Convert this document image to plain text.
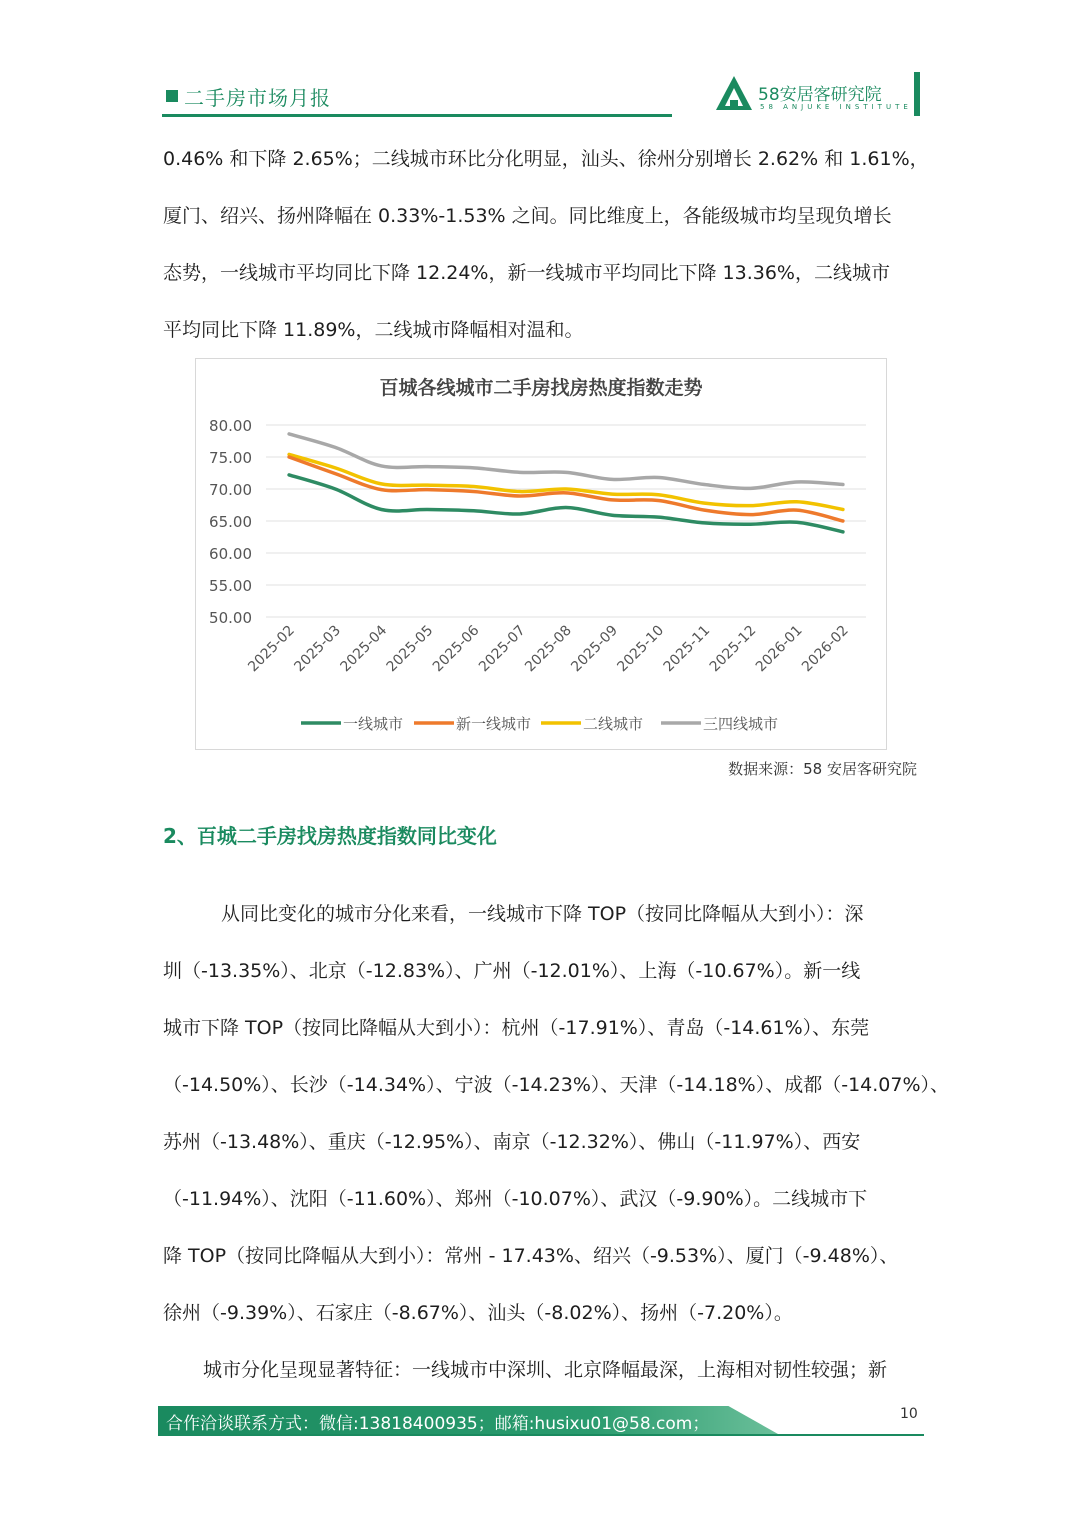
二手房市场月报	58安居客研究院
58 ANJUKE INSTITUTE

0.46% 和下降 2.65%；二线城市环比分化明显，汕头、徐州分别增长 2.62% 和 1.61%，

厦门、绍兴、扬州降幅在 0.33%-1.53% 之间。同比维度上，各能级城市均呈现负增长

态势，一线城市平均同比下降 12.24%，新一线城市平均同比下降 13.36%，二线城市

平均同比下降 11.89%，二线城市降幅相对温和。

百城各线城市二手房找房热度指数走势
80.00
75.00
70.00
65.00
60.00
55.00
50.00
2025-02
2025-03
2025-04
2025-05
2025-06
2025-07
2025-08
2025-09
2025-10
2025-11
2025-12
2026-01
2026-02
一线城市	新一线城市	二线城市	三四线城市
数据来源：58 安居客研究院
2、百城二手房找房热度指数同比变化

从同比变化的城市分化来看，一线城市下降 TOP（按同比降幅从大到小）：深

圳（-13.35%）、北京（-12.83%）、广州（-12.01%）、上海（-10.67%）。新一线

城市下降 TOP（按同比降幅从大到小）：杭州（-17.91%）、青岛（-14.61%）、东莞

（-14.50%）、长沙（-14.34%）、宁波（-14.23%）、天津（-14.18%）、成都（-14.07%）、

苏州（-13.48%）、重庆（-12.95%）、南京（-12.32%）、佛山（-11.97%）、西安

（-11.94%）、沈阳（-11.60%）、郑州（-10.07%）、武汉（-9.90%）。二线城市下

降 TOP（按同比降幅从大到小）：常州 - 17.43%、绍兴（-9.53%）、厦门（-9.48%）、

徐州（-9.39%）、石家庄（-8.67%）、汕头（-8.02%）、扬州（-7.20%）。

城市分化呈现显著特征：一线城市中深圳、北京降幅最深，上海相对韧性较强；新

合作洽谈联系方式：微信:13818400935；邮箱:husixu01@58.com；	10
